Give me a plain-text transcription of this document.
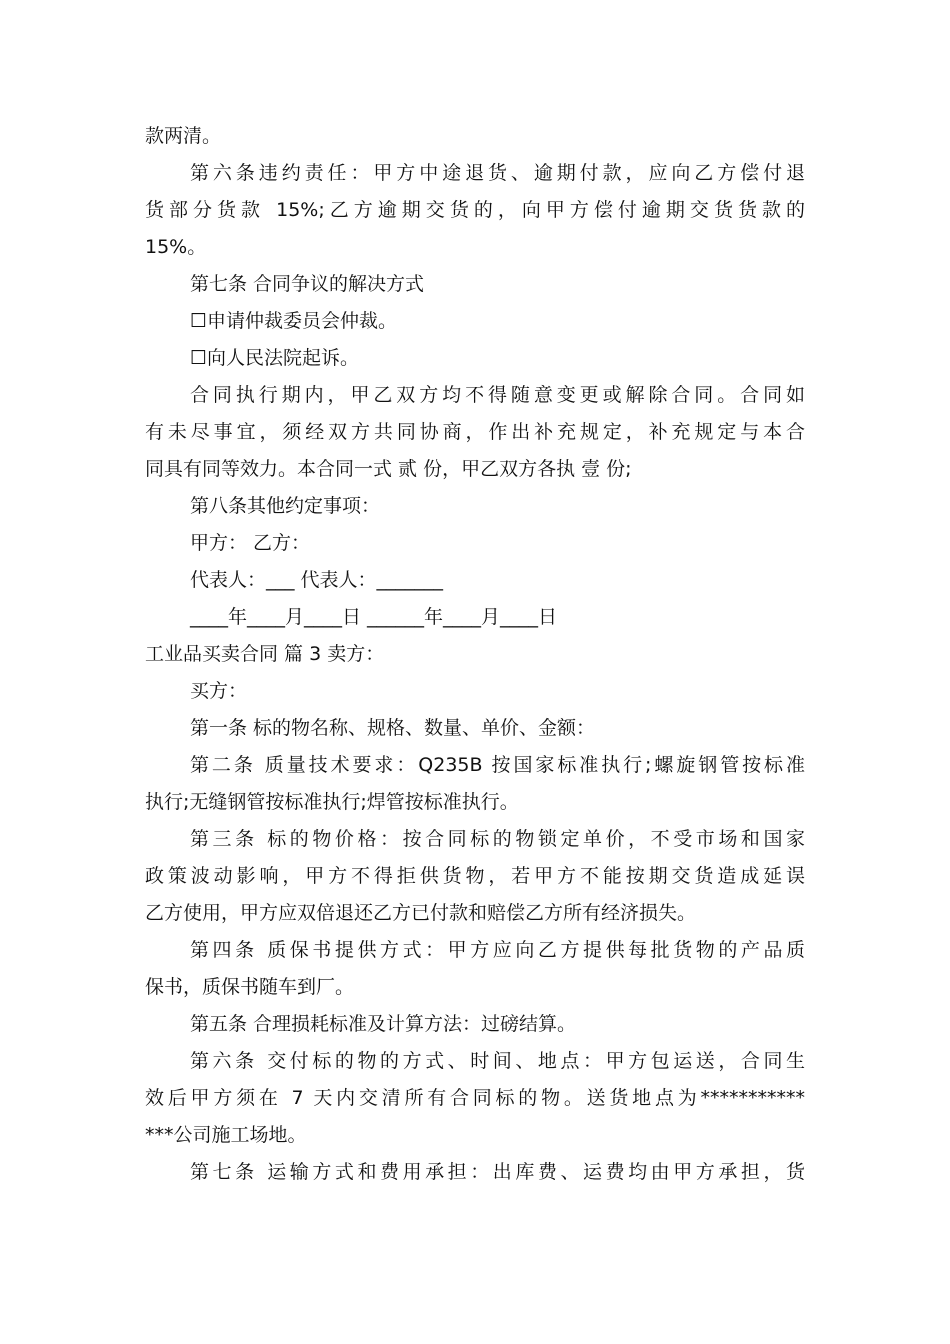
款两清。
第六条违约责任：甲方中途退货、逾期付款，应向乙方偿付退
货部分货款 15%;乙方逾期交货的，向甲方偿付逾期交货货款的
15%。
第七条 合同争议的解决方式
☐申请仲裁委员会仲裁。
☐向人民法院起诉。
合同执行期内，甲乙双方均不得随意变更或解除合同。合同如
有未尽事宜，须经双方共同协商，作出补充规定，补充规定与本合
同具有同等效力。本合同一式 贰 份，甲乙双方各执 壹 份;
第八条其他约定事项：
甲方： 乙方：
代表人：___ 代表人：_______
____年____月____日 ______年____月____日
工业品买卖合同 篇 3 卖方：
买方：
第一条 标的物名称、规格、数量、单价、金额：
第二条 质量技术要求：Q235B 按国家标准执行;螺旋钢管按标准
执行;无缝钢管按标准执行;焊管按标准执行。
第三条 标的物价格：按合同标的物锁定单价，不受市场和国家
政策波动影响，甲方不得拒供货物，若甲方不能按期交货造成延误
乙方使用，甲方应双倍退还乙方已付款和赔偿乙方所有经济损失。
第四条 质保书提供方式：甲方应向乙方提供每批货物的产品质
保书，质保书随车到厂。
第五条 合理损耗标准及计算方法：过磅结算。
第六条 交付标的物的方式、时间、地点：甲方包运送，合同生
效后甲方须在 7 天内交清所有合同标的物。送货地点为***********
***公司施工场地。
第七条 运输方式和费用承担：出库费、运费均由甲方承担，货
